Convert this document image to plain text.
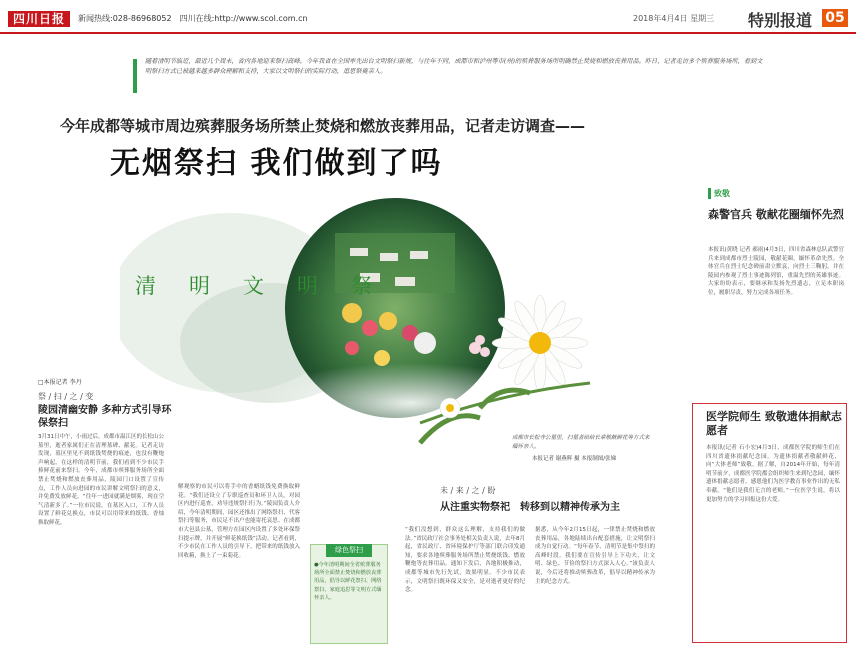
四川日报	新闻热线:028-86968052　四川在线:http://www.scol.com.cn	2018年4月4日 星期三 特别报道 05
随着清明节临近，最近几个周末，省内各地迎来祭扫高峰。今年我省在全国率先出台文明祭扫新规，与往年不同，成都市和泸州等市(州)的殡葬服务场所明确禁止焚烧和燃放丧葬用品。昨日，记者走访多个殡葬服务场所，看到文明祭扫方式已被越来越多群众理解和支持，大家以文明祭扫的实际行动，追思祭奠亲人。
今年成都等城市周边殡葬服务场所禁止焚烧和燃放丧葬用品，记者走访调查——
无烟祭扫 我们做到了吗
清　明　文　明　祭
成都市长松寺公墓里，扫墓者给给长辈敬献鲜花等方式来缅怀亲人。
本报记者 谢燕辉 摄 本报制图/张娣
□本报记者 李丹
祭 / 扫 / 之 / 变
陵园清幽安静 多种方式引导环保祭扫
3月31日中午，小雨过后，成都市温江区的长松山公墓里，逝者家属们正在清理墓碑、献花。记者走访发现，墓区里见不到纸钱焚烧的痕迹，也没有鞭炮声响起。在这样的清明节前，我们看到不少市民手捧鲜花前来祭扫。今年，成都市殡葬服务场所全面禁止焚烧和燃放丧葬用品，陵园门口设置了宣传点，工作人员向进园的市民讲解文明祭扫的意义，并免费发放鲜花。“往年一进园就满是烟雾，现在空气清新多了。”一位市民说。在墓区入口，工作人员设置了鲜花兑换点，市民可以用带来的纸钱、香烛换取鲜花。
解观察的市民可以将手中的香蜡纸钱免费换取鲜花。“我们还设立了专职巡查员和环卫人员，对园区内进行巡查，劝导违规祭扫行为。”陵园负责人介绍，今年清明期间，园区还推出了网络祭扫、代客祭扫等服务，市民足不出户也能寄托哀思。在成都市大邑县公墓，管理方在园区内设置了多处环保祭扫提示牌，并开展“鲜花换纸钱”活动。记者看到，不少市民在工作人员的引导下，把带来的纸钱放入回收箱，换上了一束菊花。
绿色祭扫
●今年清明期间全省殡葬服务场所全面禁止焚烧和燃放丧葬用品，倡导以鲜花祭扫、网络祭扫、家庭追思等文明方式缅怀亲人。
未 / 来 / 之 / 盼
从注重实物祭祀　转移到以精神传承为主
“我们没想到，群众这么理解，支持我们的做法。”省民政厅社会事务处相关负责人说，去年8月起，省民政厅、省环境保护厅等部门联合印发通知，要求各地殡葬服务场所禁止焚烧纸钱、燃放鞭炮等丧葬用品。通知下发后，各地积极推动，成都等城市先行先试，效果明显。不少市民表示，文明祭扫既环保又安全，是对逝者更好的纪念。
据悉，从今年2月15日起，一律禁止焚烧和燃放丧葬用品，各地陆续出台配套措施，让文明祭扫成为自觉行动。“每年春节、清明节是集中祭扫的高峰时段，我们要在宣传引导上下功夫，让文明、绿色、节俭的祭扫方式深入人心。”该负责人说，今后还将推动殡葬改革，倡导以精神传承为主的纪念方式。
致敬
森警官兵 敬献花圈缅怀先烈
本报讯(黄晓 记者 郝雨)4月3日，四川省森林总队武警官兵来到成都市烈士陵园，敬献花圈，缅怀革命先烈。全体官兵在烈士纪念碑前肃立默哀，向烈士三鞠躬，并在陵园内参观了烈士事迹陈列馆，重温先烈的英雄事迹。大家纷纷表示，要继承和发扬先烈遗志，立足本职岗位，履职尽责，努力完成各项任务。
医学院师生 致敬遗体捐献志愿者
本报讯(记者 石小宏)4月3日，成都医学院的师生们在四川省遗体捐献纪念园，为遗体捐献者敬献鲜花，向“大体老师”致敬。据了解，自2014年开始，每年清明节前夕，成都医学院都会组织师生来到纪念园，缅怀遗体捐献志愿者，感恩他们为医学教育事业作出的无私奉献。“他们是我们无言的老师。”一位医学生说，将以更加努力的学习回报这份大爱。
